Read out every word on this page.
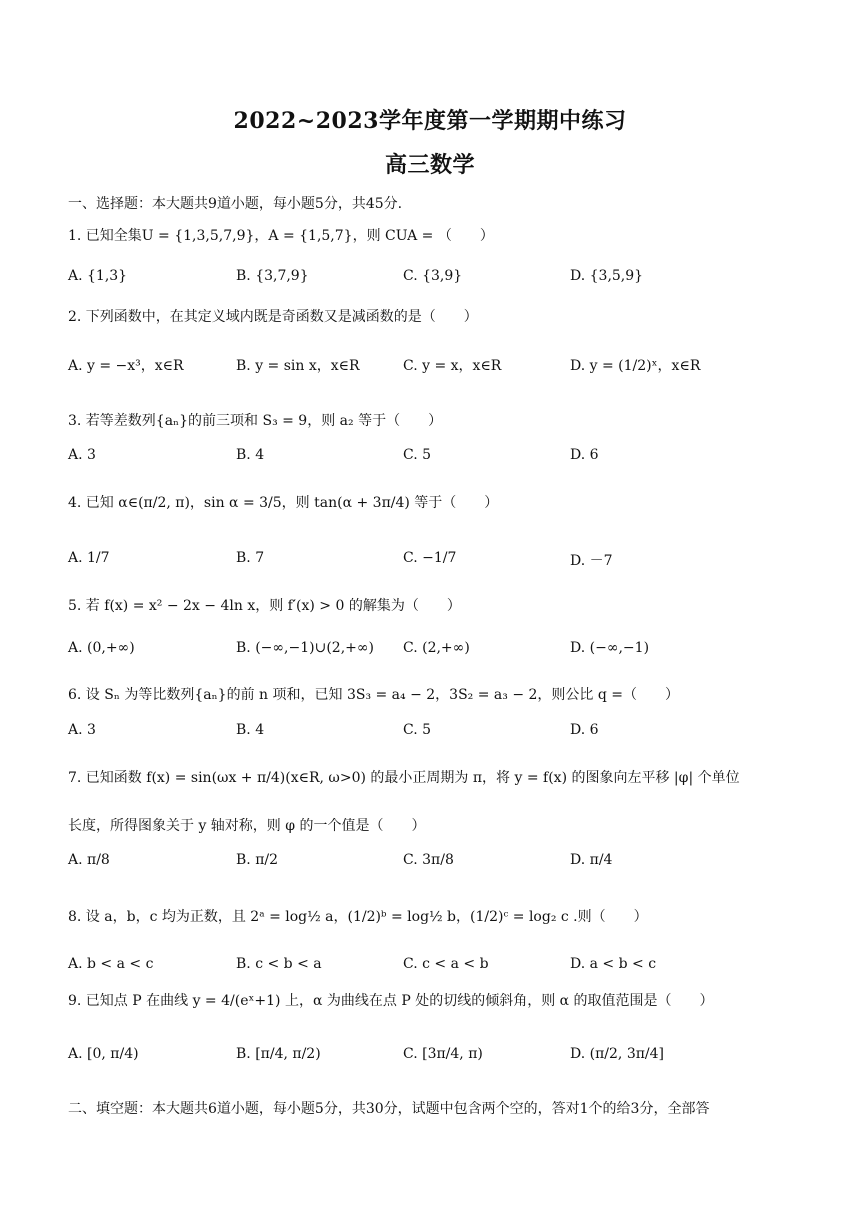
2022~2023学年度第一学期期中练习
高三数学
一、选择题：本大题共9道小题，每小题5分，共45分.
1. 已知全集U = {1,3,5,7,9}，A = {1,5,7}，则 CUA = （　　）
A. {1,3}	B. {3,7,9}	C. {3,9}	D. {3,5,9}
2. 下列函数中，在其定义域内既是奇函数又是减函数的是（　　）
A. y = −x³，x∈R	B. y = sin x，x∈R	C. y = x，x∈R	D. y = (1/2)ˣ，x∈R
3. 若等差数列{aₙ}的前三项和 S₃ = 9，则 a₂ 等于（　　）
A. 3	B. 4	C. 5	D. 6
4. 已知 α∈(π/2, π)，sin α = 3/5，则 tan(α + 3π/4) 等于（　　）
A. 1/7	B. 7	C. −1/7	D. －7
5. 若 f(x) = x² − 2x − 4ln x，则 f′(x) > 0 的解集为（　　）
A. (0,+∞)	B. (−∞,−1)∪(2,+∞) C. (2,+∞)	D. (−∞,−1)
6. 设 Sₙ 为等比数列{aₙ}的前 n 项和，已知 3S₃ = a₄ − 2，3S₂ = a₃ − 2，则公比 q =（　　）
A. 3	B. 4	C. 5	D. 6
7. 已知函数 f(x) = sin(ωx + π/4)(x∈R, ω>0) 的最小正周期为 π，将 y = f(x) 的图象向左平移 |φ| 个单位
长度，所得图象关于 y 轴对称，则 φ 的一个值是（　　）
A. π/8	B. π/2	C. 3π/8	D. π/4
8. 设 a，b，c 均为正数，且 2ᵃ = log½ a，(1/2)ᵇ = log½ b，(1/2)ᶜ = log₂ c .则（　　）
A. b < a < c	B. c < b < a	C. c < a < b	D. a < b < c
9. 已知点 P 在曲线 y = 4/(eˣ+1) 上，α 为曲线在点 P 处的切线的倾斜角，则 α 的取值范围是（　　）
A. [0, π/4)	B. [π/4, π/2)	C. [3π/4, π)	D. (π/2, 3π/4]
二、填空题：本大题共6道小题，每小题5分，共30分，试题中包含两个空的，答对1个的给3分，全部答
